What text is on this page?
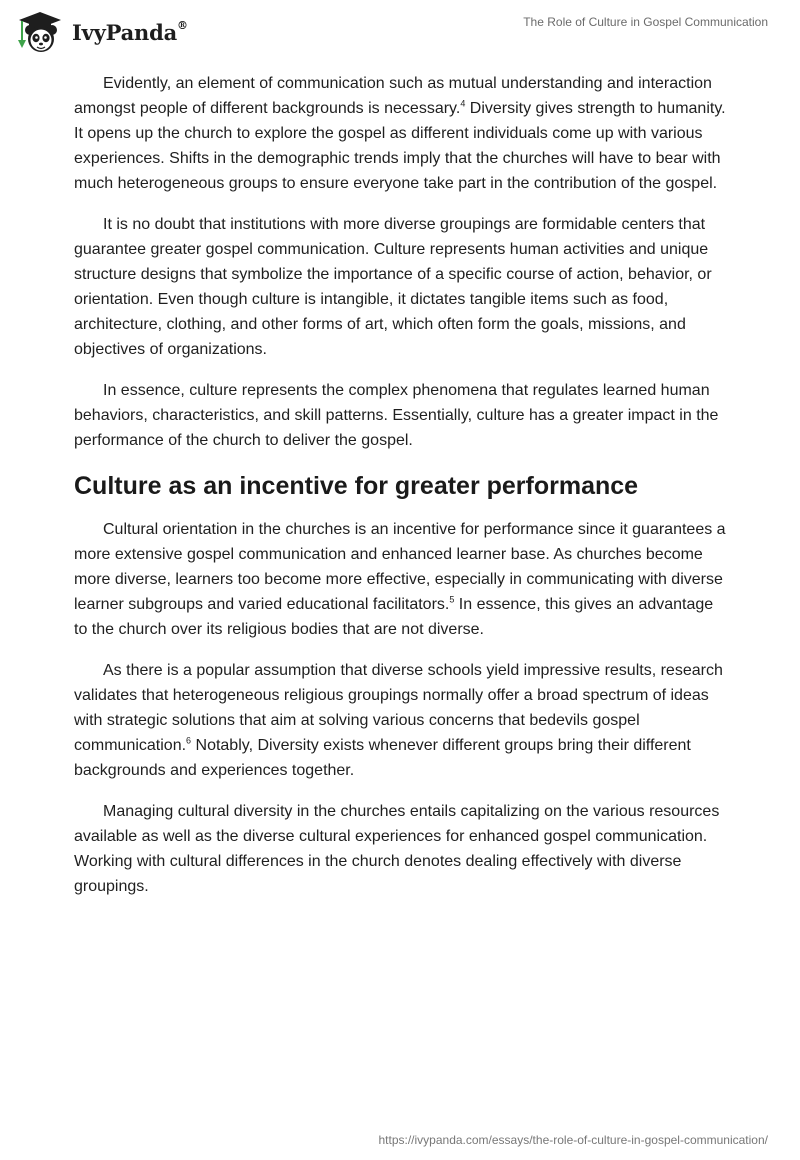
IvyPanda®	The Role of Culture in Gospel Communication

Evidently, an element of communication such as mutual understanding and interaction amongst people of different backgrounds is necessary.$^4$ Diversity gives strength to humanity. It opens up the church to explore the gospel as different individuals come up with various experiences. Shifts in the demographic trends imply that the churches will have to bear with much heterogeneous groups to ensure everyone take part in the contribution of the gospel.

It is no doubt that institutions with more diverse groupings are formidable centers that guarantee greater gospel communication. Culture represents human activities and unique structure designs that symbolize the importance of a specific course of action, behavior, or orientation. Even though culture is intangible, it dictates tangible items such as food, architecture, clothing, and other forms of art, which often form the goals, missions, and objectives of organizations.

In essence, culture represents the complex phenomena that regulates learned human behaviors, characteristics, and skill patterns. Essentially, culture has a greater impact in the performance of the church to deliver the gospel.

Culture as an incentive for greater performance

Cultural orientation in the churches is an incentive for performance since it guarantees a more extensive gospel communication and enhanced learner base. As churches become more diverse, learners too become more effective, especially in communicating with diverse learner subgroups and varied educational facilitators.$^5$ In essence, this gives an advantage to the church over its religious bodies that are not diverse.

As there is a popular assumption that diverse schools yield impressive results, research validates that heterogeneous religious groupings normally offer a broad spectrum of ideas with strategic solutions that aim at solving various concerns that bedevils gospel communication.$^6$ Notably, Diversity exists whenever different groups bring their different backgrounds and experiences together.

Managing cultural diversity in the churches entails capitalizing on the various resources available as well as the diverse cultural experiences for enhanced gospel communication. Working with cultural differences in the church denotes dealing effectively with diverse groupings.

https://ivypanda.com/essays/the-role-of-culture-in-gospel-communication/
